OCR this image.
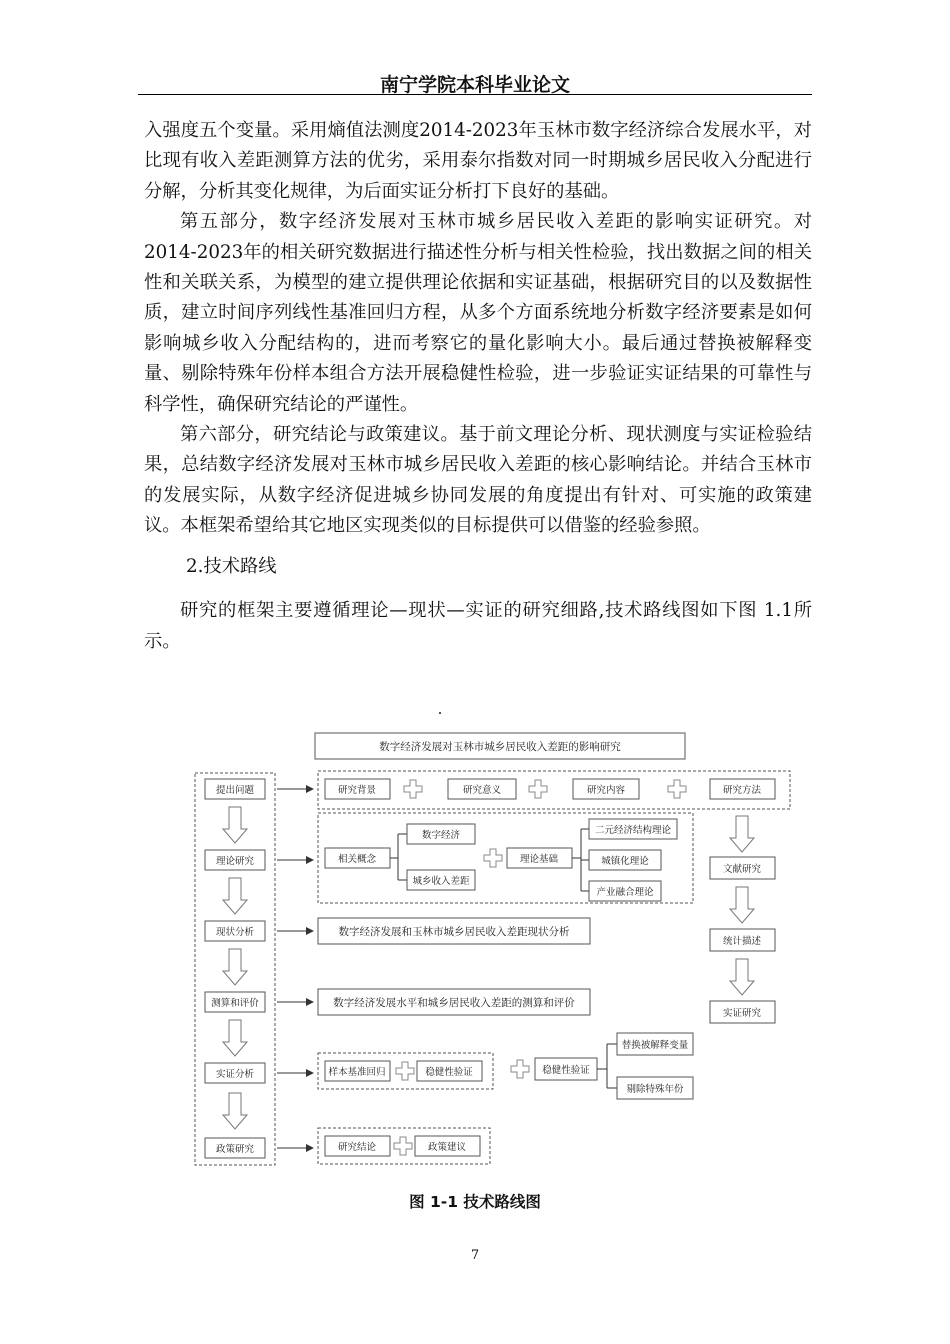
南宁学院本科毕业论文

入强度五个变量。采用熵值法测度2014-2023年玉林市数字经济综合发展水平，对比现有收入差距测算方法的优劣，采用泰尔指数对同一时期城乡居民收入分配进行分解，分析其变化规律，为后面实证分析打下良好的基础。

第五部分，数字经济发展对玉林市城乡居民收入差距的影响实证研究。对2014-2023年的相关研究数据进行描述性分析与相关性检验，找出数据之间的相关性和关联关系，为模型的建立提供理论依据和实证基础，根据研究目的以及数据性质，建立时间序列线性基准回归方程，从多个方面系统地分析数字经济要素是如何影响城乡收入分配结构的，进而考察它的量化影响大小。最后通过替换被解释变量、剔除特殊年份样本组合方法开展稳健性检验，进一步验证实证结果的可靠性与科学性，确保研究结论的严谨性。

第六部分，研究结论与政策建议。基于前文理论分析、现状测度与实证检验结果，总结数字经济发展对玉林市城乡居民收入差距的核心影响结论。并结合玉林市的发展实际，从数字经济促进城乡协同发展的角度提出有针对、可实施的政策建议。本框架希望给其它地区实现类似的目标提供可以借鉴的经验参照。

2.技术路线

研究的框架主要遵循理论—现状—实证的研究细路,技术路线图如下图 1.1所示。

数字经济发展对玉林市城乡居民收入差距的影响研究
提出问题
理论研究
现状分析
测算和评价
实证分析
政策研究
研究背景	研究意义	研究内容	研究方法
文献研究
统计描述
实证研究
相关概念
数字经济
城乡收入差距
理论基础
二元经济结构理论
城镇化理论
产业融合理论
数字经济发展和玉林市城乡居民收入差距现状分析
数字经济发展水平和城乡居民收入差距的测算和评价
样本基准回归	稳健性验证	稳健性验证
替换被解释变量
剔除特殊年份
研究结论	政策建议
图 1-1 技术路线图
7
